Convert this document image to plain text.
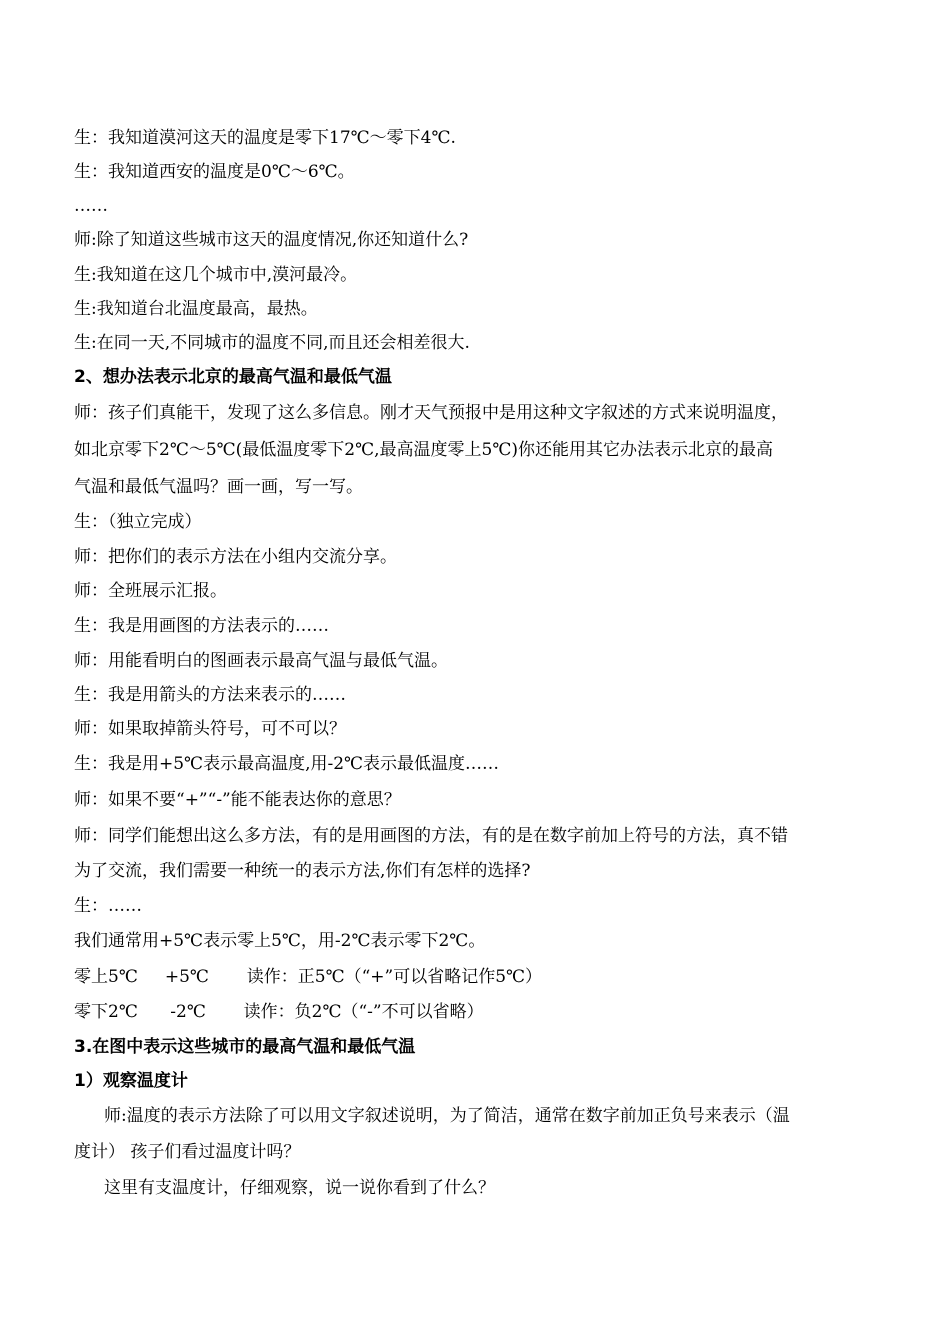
生：我知道漠河这天的温度是零下17℃～零下4℃.
生：我知道西安的温度是0℃～6℃。
……
师:除了知道这些城市这天的温度情况,你还知道什么?
生:我知道在这几个城市中,漠河最冷。
生:我知道台北温度最高，最热。
生:在同一天,不同城市的温度不同,而且还会相差很大.
2、想办法表示北京的最高气温和最低气温
师：孩子们真能干，发现了这么多信息。刚才天气预报中是用这种文字叙述的方式来说明温度，
如北京零下2℃～5℃(最低温度零下2℃,最高温度零上5℃)你还能用其它办法表示北京的最高
气温和最低气温吗？画一画，写一写。
生：（独立完成）
师：把你们的表示方法在小组内交流分享。
师：全班展示汇报。
生：我是用画图的方法表示的……
师：用能看明白的图画表示最高气温与最低气温。
生：我是用箭头的方法来表示的……
师：如果取掉箭头符号，可不可以？
生：我是用+5℃表示最高温度,用-2℃表示最低温度……
师：如果不要“+”“-”能不能表达你的意思？
师：同学们能想出这么多方法，有的是用画图的方法，有的是在数字前加上符号的方法，真不错
为了交流，我们需要一种统一的表示方法,你们有怎样的选择?
生：……
我们通常用+5℃表示零上5℃，用-2℃表示零下2℃。
零上5℃     +5℃       读作：正5℃（“+”可以省略记作5℃）
零下2℃      -2℃       读作：负2℃（“-”不可以省略）
3.在图中表示这些城市的最高气温和最低气温
1）观察温度计
师:温度的表示方法除了可以用文字叙述说明，为了简洁，通常在数字前加正负号来表示（温
度计） 孩子们看过温度计吗？
这里有支温度计，仔细观察，说一说你看到了什么？
